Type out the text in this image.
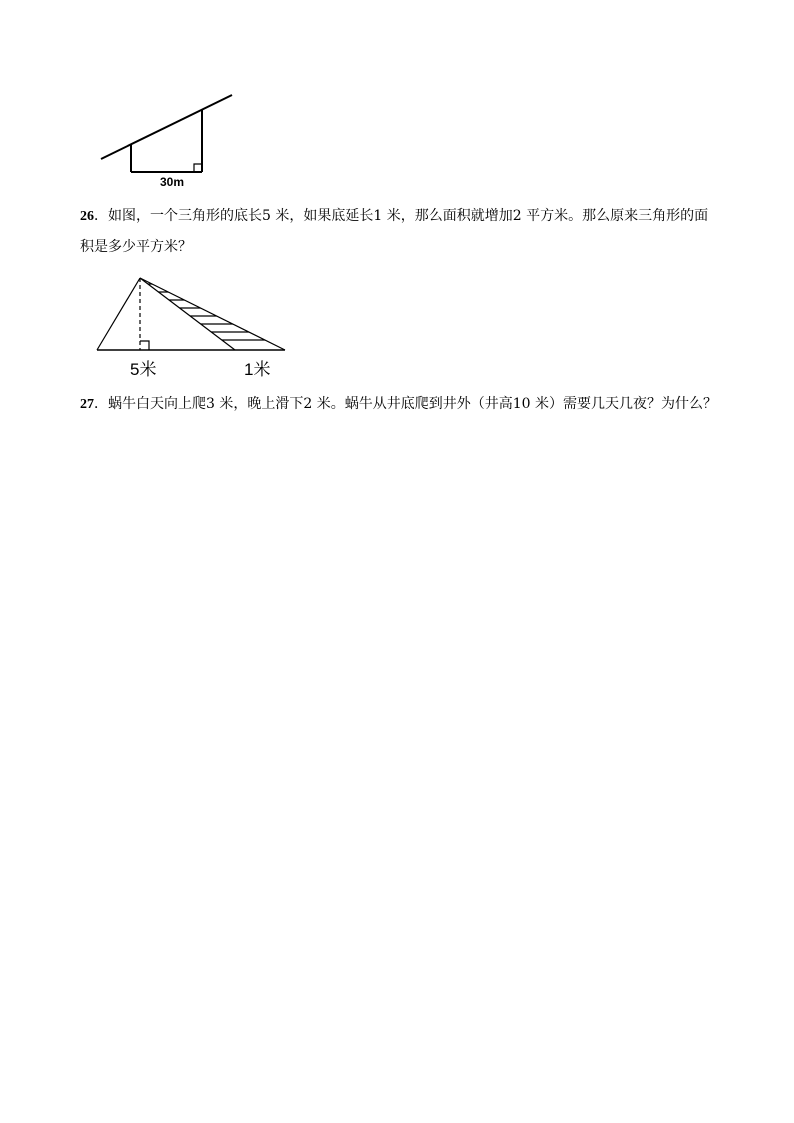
30m
26．如图，一个三角形的底长5 米，如果底延长1 米，那么面积就增加2 平方米。那么原来三角形的面
积是多少平方米？
5米	1米
27．蜗牛白天向上爬3 米，晚上滑下2 米。蜗牛从井底爬到井外（井高10 米）需要几天几夜？为什么？
